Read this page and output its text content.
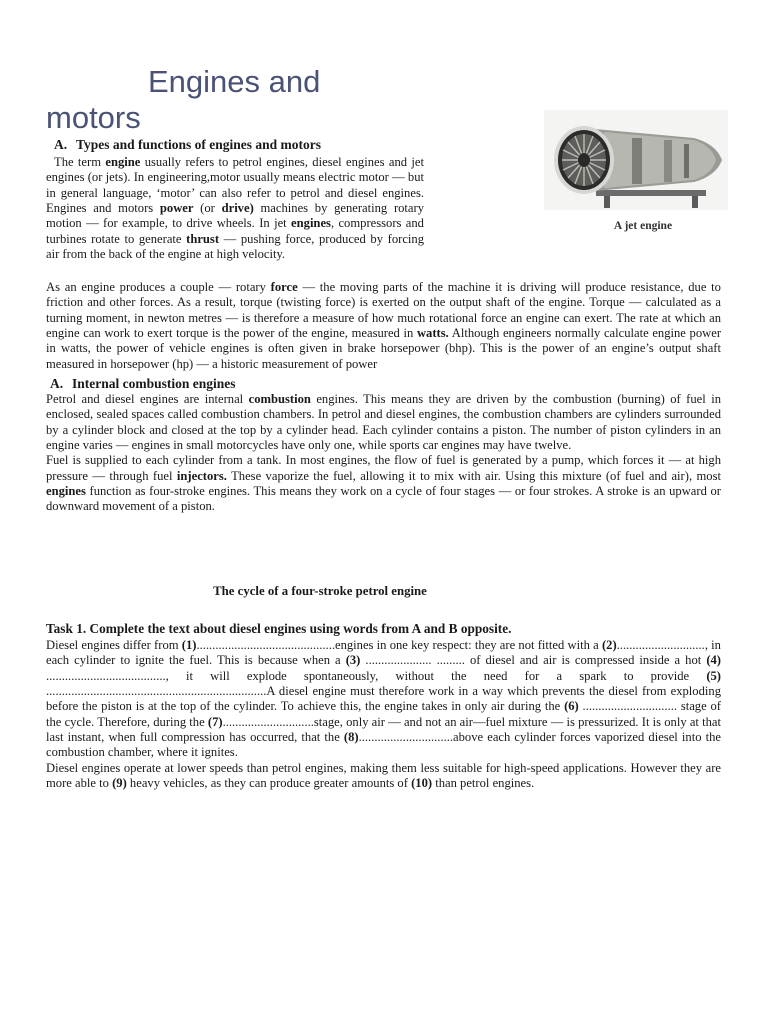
Engines and
motors
A jet engine
A. Types and functions of engines and motors

The term engine usually refers to petrol engines, diesel engines and jet engines (or jets). In engineering,motor usually means electric motor — but in general language, ‘motor’ can also refer to petrol and diesel engines. Engines and motors power (or drive) machines by generating rotary motion — for example, to drive wheels. In jet engines, compressors and turbines rotate to generate thrust — pushing force, produced by forcing air from the back of the engine at high velocity.

As an engine produces a couple — rotary force — the moving parts of the machine it is driving will produce resistance, due to friction and other forces. As a result, torque (twisting force) is exerted on the output shaft of the engine. Torque — calculated as a turning moment, in newton metres — is therefore a measure of how much rotational force an engine can exert. The rate at which an engine can work to exert torque is the power of the engine, measured in watts. Although engineers normally calculate engine power in watts, the power of vehicle engines is often given in brake horsepower (bhp). This is the power of an engine’s output shaft measured in horsepower (hp) — a historic measurement of power

A. Internal combustion engines

Petrol and diesel engines are internal combustion engines. This means they are driven by the combustion (burning) of fuel in enclosed, sealed spaces called combustion chambers. In petrol and diesel engines, the combustion chambers are cylinders surrounded by a cylinder block and closed at the top by a cylinder head. Each cylinder contains a piston. The number of piston cylinders in an engine varies — engines in small motorcycles have only one, while sports car engines may have twelve.

Fuel is supplied to each cylinder from a tank. In most engines, the flow of fuel is generated by a pump, which forces it — at high pressure — through fuel injectors. These vaporize the fuel, allowing it to mix with air. Using this mixture (of fuel and air), most engines function as four-stroke engines. This means they work on a cycle of four stages — or four strokes. A stroke is an upward or downward movement of a piston.

The cycle of a four-stroke petrol engine
Task 1. Complete the text about diesel engines using words from A and B opposite.

Diesel engines differ from (1)............................................engines in one key respect: they are not fitted with a (2)............................, in each cylinder to ignite the fuel. This is because when a (3) ..................... ......... of diesel and air is compressed inside a hot (4) ......................................, it will explode spontaneously, without the need for a spark to provide (5) ......................................................................A diesel engine must therefore work in a way which prevents the diesel from exploding before the piston is at the top of the cylinder. To achieve this, the engine takes in only air during the (6) .............................. stage of the cycle. Therefore, during the (7).............................stage, only air — and not an air—fuel mixture — is pressurized. It is only at that last instant, when full compression has occurred, that the (8)..............................above each cylinder forces vaporized diesel into the combustion chamber, where it ignites.

Diesel engines operate at lower speeds than petrol engines, making them less suitable for high-speed applications. However they are more able to (9) heavy vehicles, as they can produce greater amounts of (10) than petrol engines.
